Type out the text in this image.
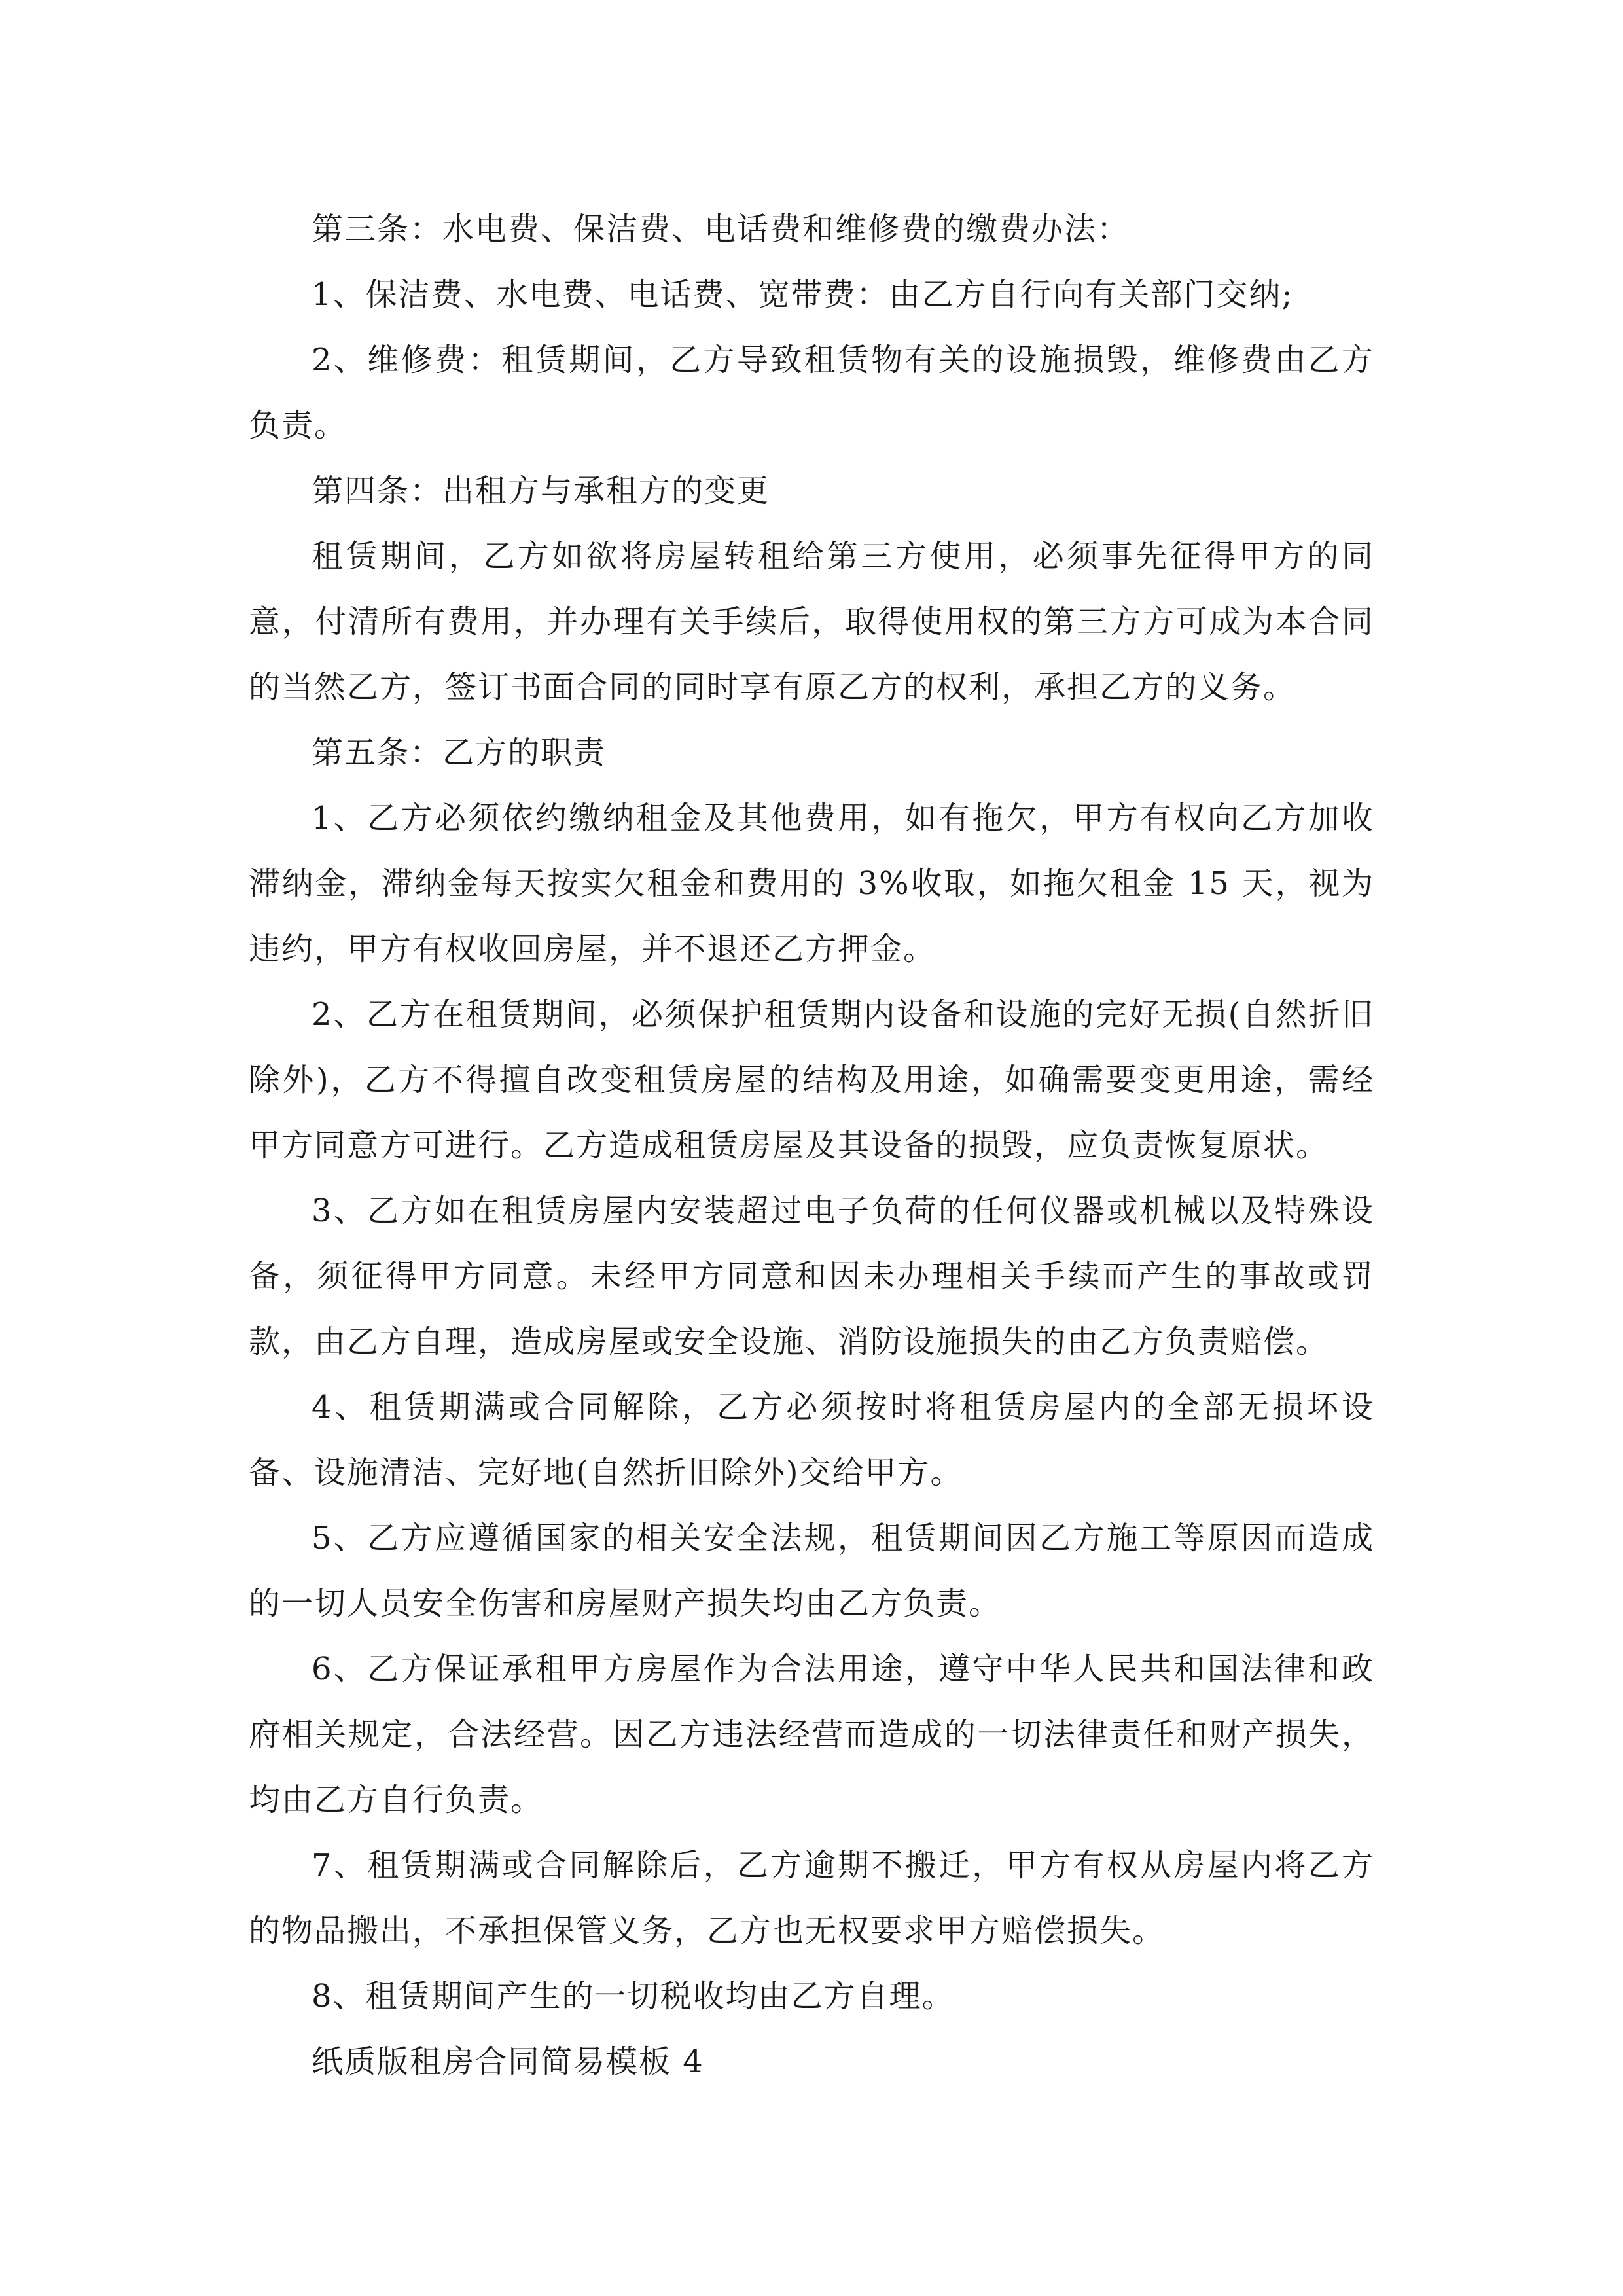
第三条：水电费、保洁费、电话费和维修费的缴费办法：

1、保洁费、水电费、电话费、宽带费：由乙方自行向有关部门交纳;

2、维修费：租赁期间，乙方导致租赁物有关的设施损毁，维修费由乙方负责。

第四条：出租方与承租方的变更

租赁期间，乙方如欲将房屋转租给第三方使用，必须事先征得甲方的同意，付清所有费用，并办理有关手续后，取得使用权的第三方方可成为本合同的当然乙方，签订书面合同的同时享有原乙方的权利，承担乙方的义务。

第五条：乙方的职责

1、乙方必须依约缴纳租金及其他费用，如有拖欠，甲方有权向乙方加收滞纳金，滞纳金每天按实欠租金和费用的 3%收取，如拖欠租金 15 天，视为违约，甲方有权收回房屋，并不退还乙方押金。

2、乙方在租赁期间，必须保护租赁期内设备和设施的完好无损(自然折旧除外)，乙方不得擅自改变租赁房屋的结构及用途，如确需要变更用途，需经甲方同意方可进行。乙方造成租赁房屋及其设备的损毁，应负责恢复原状。

3、乙方如在租赁房屋内安装超过电子负荷的任何仪器或机械以及特殊设备，须征得甲方同意。未经甲方同意和因未办理相关手续而产生的事故或罚款，由乙方自理，造成房屋或安全设施、消防设施损失的由乙方负责赔偿。

4、租赁期满或合同解除，乙方必须按时将租赁房屋内的全部无损坏设备、设施清洁、完好地(自然折旧除外)交给甲方。

5、乙方应遵循国家的相关安全法规，租赁期间因乙方施工等原因而造成的一切人员安全伤害和房屋财产损失均由乙方负责。

6、乙方保证承租甲方房屋作为合法用途，遵守中华人民共和国法律和政府相关规定，合法经营。因乙方违法经营而造成的一切法律责任和财产损失，均由乙方自行负责。

7、租赁期满或合同解除后，乙方逾期不搬迁，甲方有权从房屋内将乙方的物品搬出，不承担保管义务，乙方也无权要求甲方赔偿损失。

8、租赁期间产生的一切税收均由乙方自理。

纸质版租房合同简易模板 4
